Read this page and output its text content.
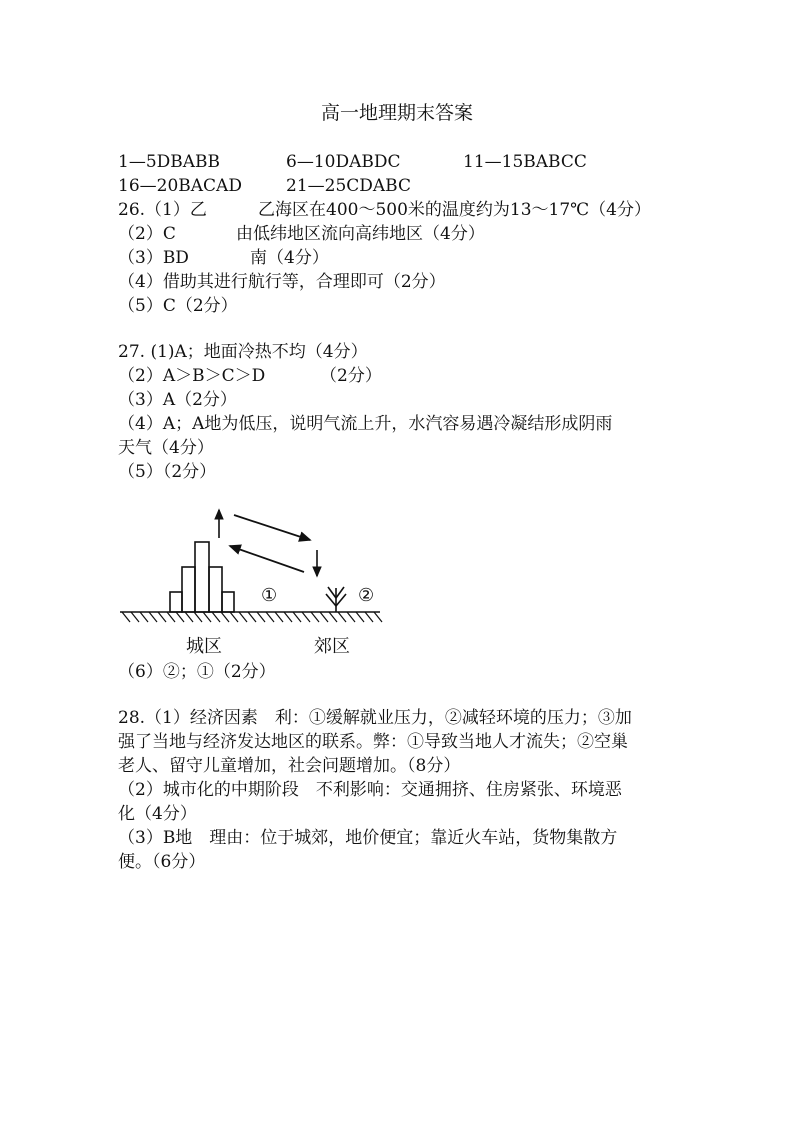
高一地理期末答案
1—5DBABB	6—10DABDC	11—15BABCC
16—20BACAD	21—25CDABC
26.（1）乙	乙海区在400～500米的温度约为13～17℃（4分）
（2）C	由低纬地区流向高纬地区（4分）
（3）BD	南（4分）
（4）借助其进行航行等，合理即可（2分）
（5）C（2分）
27. (1)A；地面冷热不均（4分）
（2）A＞B＞C＞D	（2分）
（3）A（2分）
（4）A；A地为低压，说明气流上升，水汽容易遇冷凝结形成阴雨
天气（4分）
（5）（2分）
①	②
城区	郊区
（6）②；①（2分）
28.（1）经济因素　利：①缓解就业压力，②减轻环境的压力；③加
强了当地与经济发达地区的联系。弊：①导致当地人才流失；②空巢
老人、留守儿童增加，社会问题增加。（8分）
（2）城市化的中期阶段　不利影响：交通拥挤、住房紧张、环境恶
化（4分）
（3）B地　理由：位于城郊，地价便宜；靠近火车站，货物集散方
便。（6分）
